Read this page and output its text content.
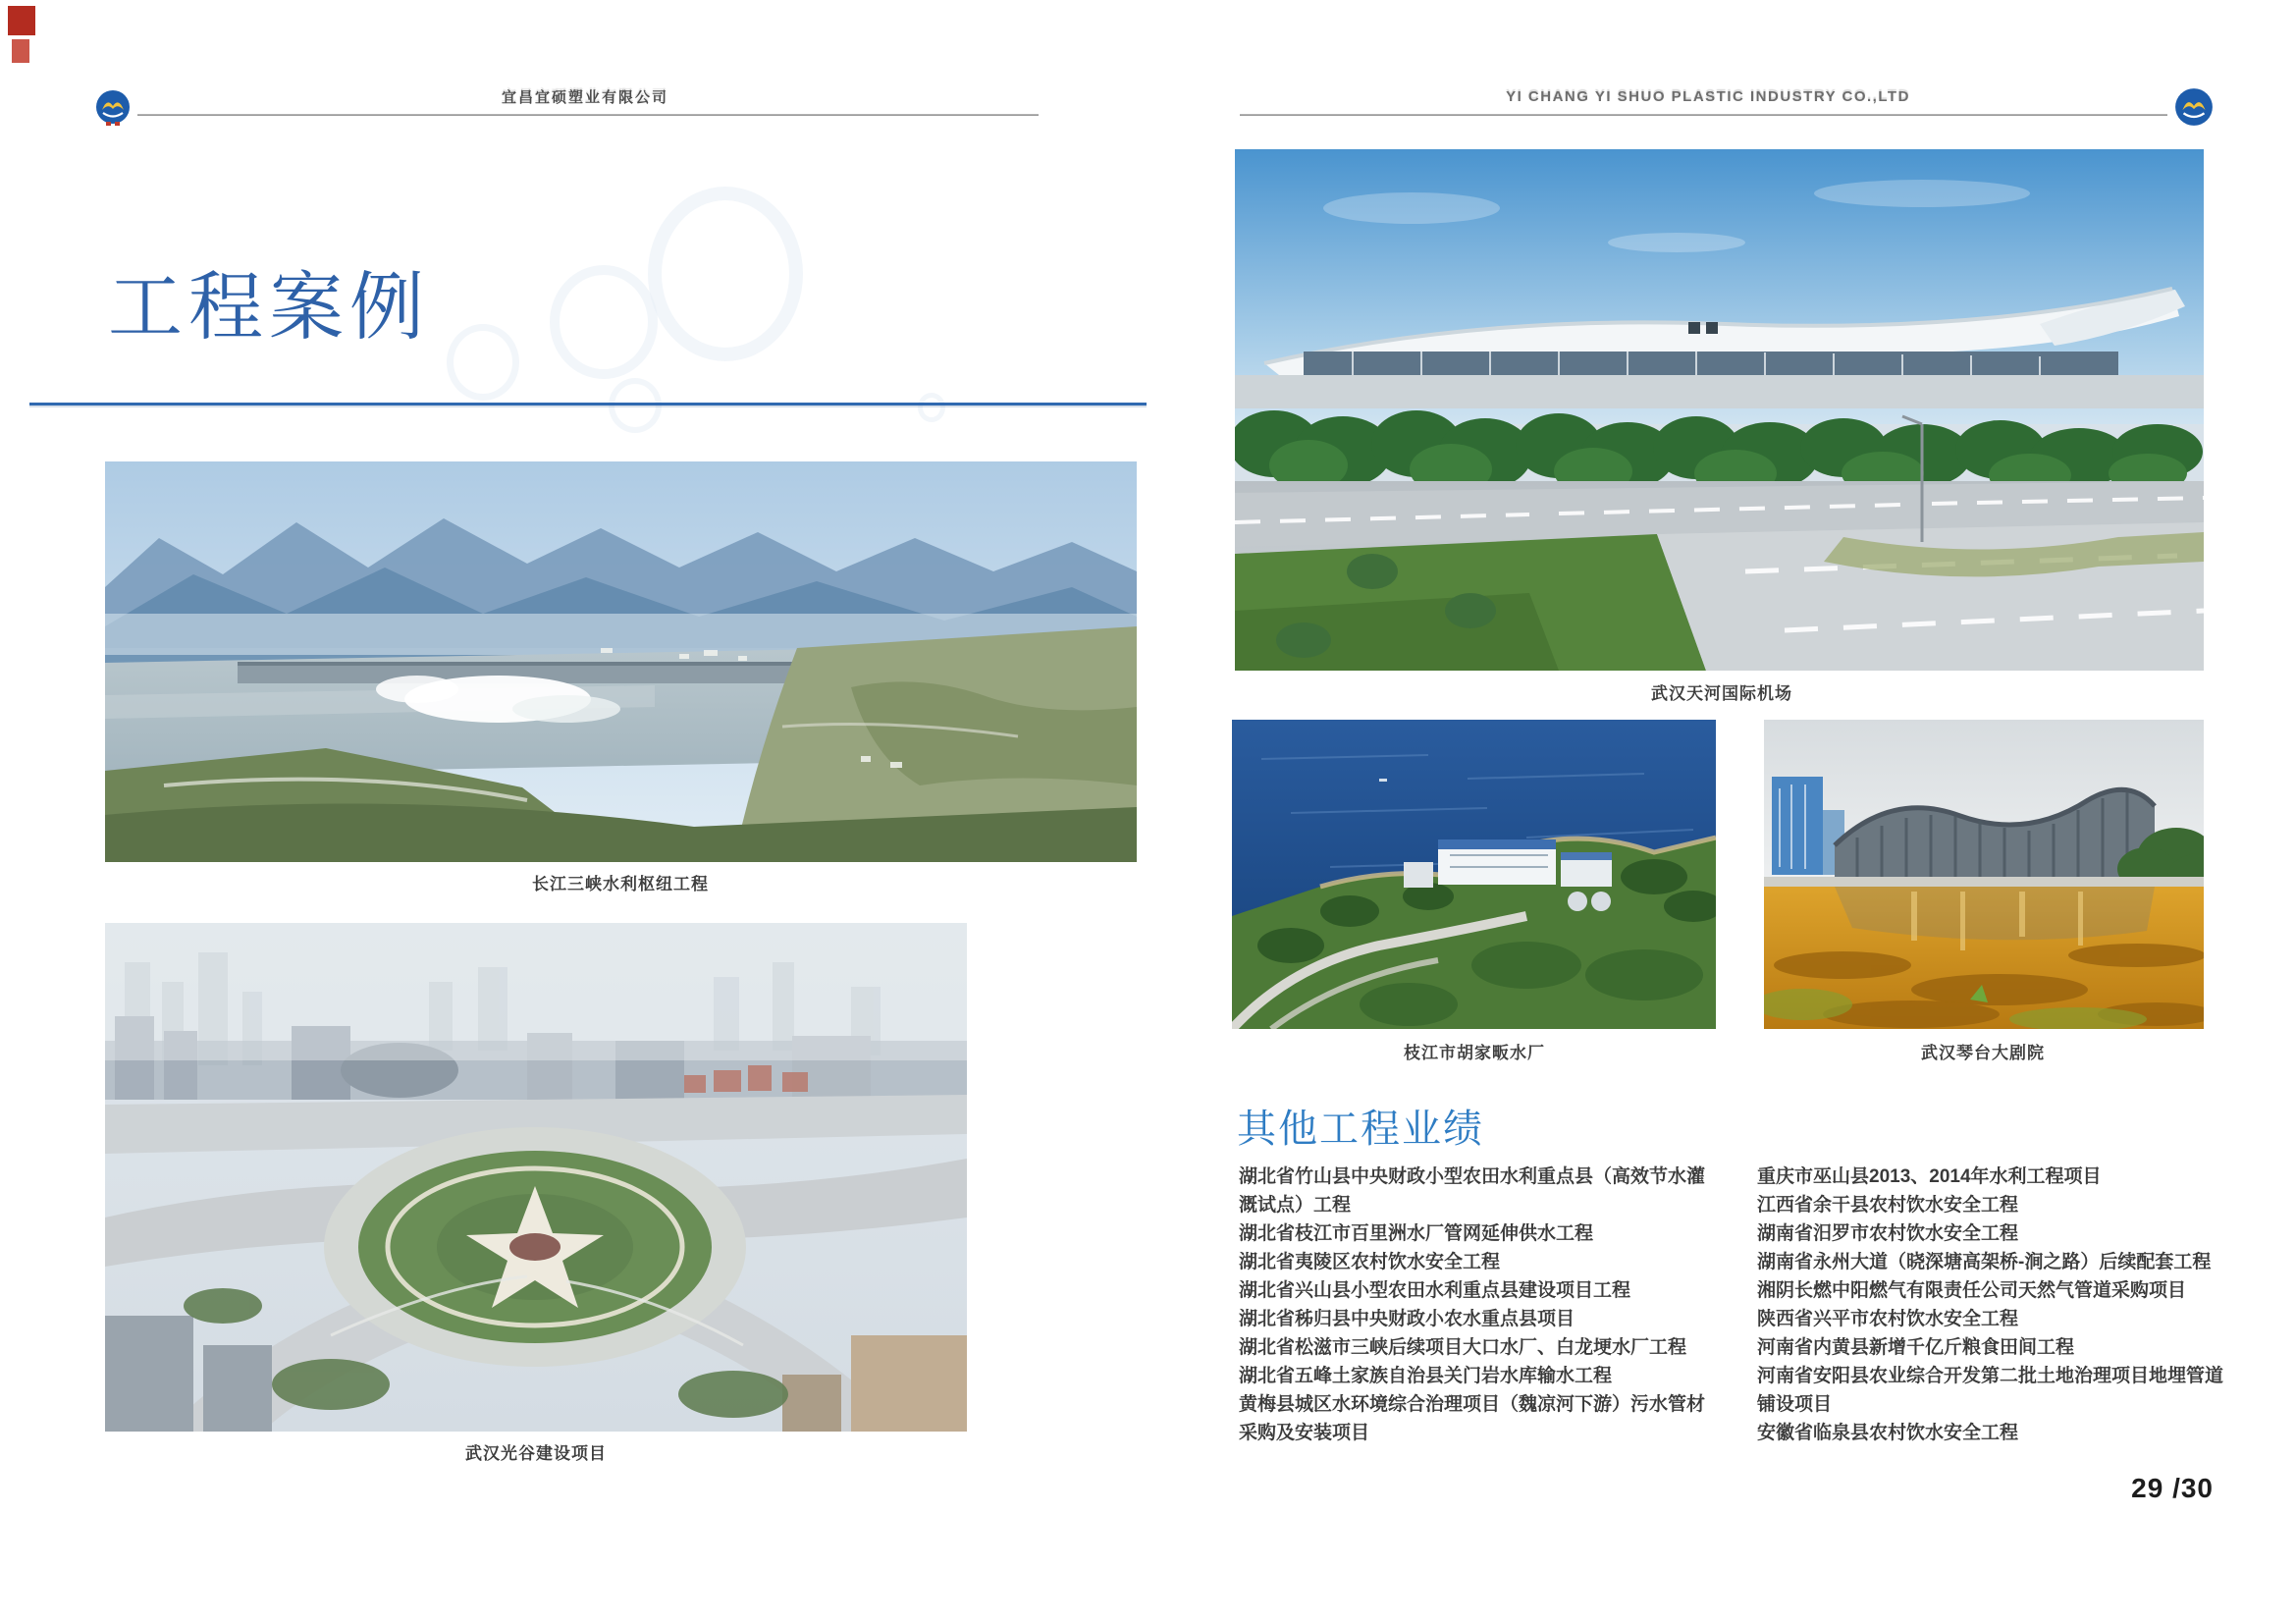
宜昌宜硕塑业有限公司
工程案例
长江三峡水利枢纽工程
武汉光谷建设项目
YI CHANG YI SHUO PLASTIC INDUSTRY CO.,LTD
武汉天河国际机场
枝江市胡家畈水厂	武汉琴台大剧院
其他工程业绩
湖北省竹山县中央财政小型农田水利重点县（高效节水灌
溉试点）工程
湖北省枝江市百里洲水厂管网延伸供水工程
湖北省夷陵区农村饮水安全工程
湖北省兴山县小型农田水利重点县建设项目工程
湖北省秭归县中央财政小农水重点县项目
湖北省松滋市三峡后续项目大口水厂、白龙埂水厂工程
湖北省五峰土家族自治县关门岩水库输水工程
黄梅县城区水环境综合治理项目（魏凉河下游）污水管材
采购及安装项目
重庆市巫山县2013、2014年水利工程项目
江西省余干县农村饮水安全工程
湖南省汨罗市农村饮水安全工程
湖南省永州大道（晓深塘高架桥-涧之路）后续配套工程
湘阴长燃中阳燃气有限责任公司天然气管道采购项目
陕西省兴平市农村饮水安全工程
河南省内黄县新增千亿斤粮食田间工程
河南省安阳县农业综合开发第二批土地治理项目地埋管道
铺设项目
安徽省临泉县农村饮水安全工程
29 /30
